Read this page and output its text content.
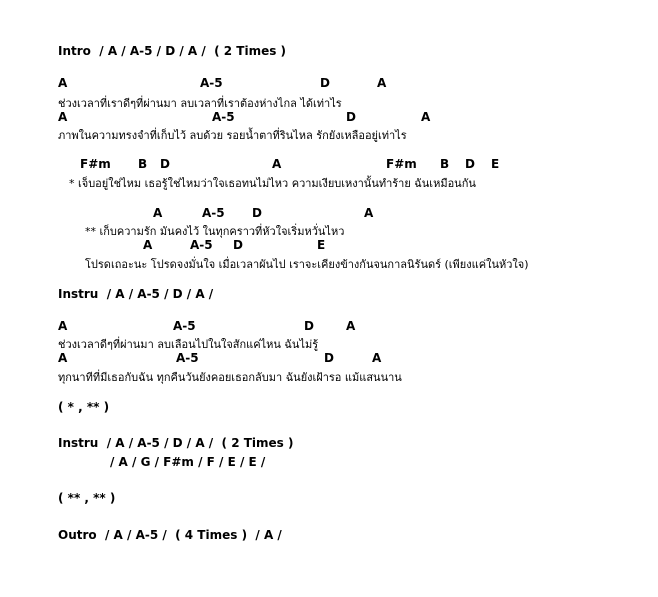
Intro  / A / A-5 / D / A /  ( 2 Times )
A	A-5	D	A
ช่วงเวลาที่เราดีๆที่ผ่านมา ลบเวลาที่เราต้องห่างไกล ได้เท่าไร
A	A-5	D	A
ภาพในความทรงจำที่เก็บไว้ ลบด้วย รอยน้ำตาที่รินไหล รักยังเหลืออยู่เท่าไร
F#m B D	A	F#m B D E
* เจ็บอยู่ใช่ไหม เธอรู้ใช่ไหมว่าใจเธอทนไม่ไหว ความเงียบเหงานั้นทำร้าย ฉันเหมือนกัน
A	A-5 D	A
** เก็บความรัก มันคงไว้ ในทุกคราวที่หัวใจเริ่มหวั่นไหว
A	A-5 D	E
โปรดเถอะนะ โปรดจงมั่นใจ เมื่อเวลาผันไป เราจะเคียงข้างกันจนกาลนิรันดร์ (เพียงแค่ในหัวใจ)
Instru  / A / A-5 / D / A /
A	A-5	D	A
ช่วงเวลาดีๆที่ผ่านมา ลบเลือนไปในใจสักแค่ไหน ฉันไม่รู้
A	A-5	D	A
ทุกนาทีที่มีเธอกับฉัน ทุกคืนวันยังคอยเธอกลับมา ฉันยังเฝ้ารอ แม้แสนนาน
( * , ** )
Instru  / A / A-5 / D / A /  ( 2 Times )
/ A / G / F#m / F / E / E /
( ** , ** )
Outro  / A / A-5 /  ( 4 Times )  / A /
